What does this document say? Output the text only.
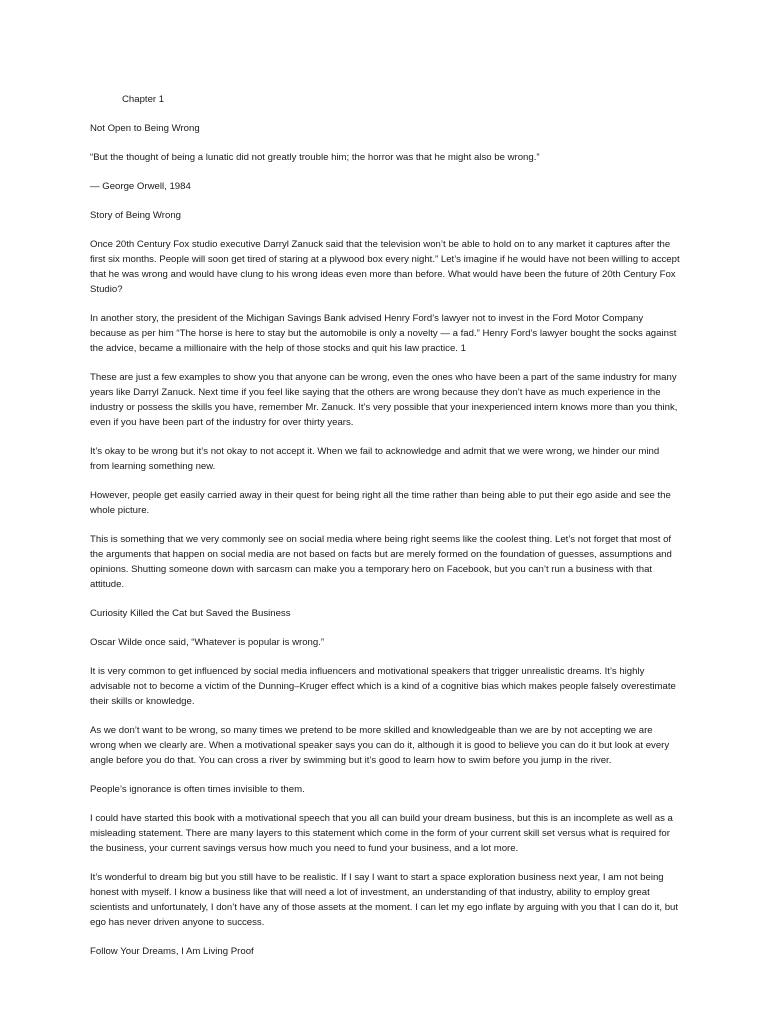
Chapter 1

Not Open to Being Wrong

“But the thought of being a lunatic did not greatly trouble him; the horror was that he might also be wrong.”

— George Orwell, 1984

Story of Being Wrong

Once 20th Century Fox studio executive Darryl Zanuck said that the television won’t be able to hold on to any market it captures after the first six months. People will soon get tired of staring at a plywood box every night.” Let’s imagine if he would have not been willing to accept that he was wrong and would have clung to his wrong ideas even more than before. What would have been the future of 20th Century Fox Studio?

In another story, the president of the Michigan Savings Bank advised Henry Ford’s lawyer not to invest in the Ford Motor Company because as per him “The horse is here to stay but the automobile is only a novelty — a fad.” Henry Ford’s lawyer bought the socks against the advice, became a millionaire with the help of those stocks and quit his law practice. 1

These are just a few examples to show you that anyone can be wrong, even the ones who have been a part of the same industry for many years like Darryl Zanuck. Next time if you feel like saying that the others are wrong because they don’t have as much experience in the industry or possess the skills you have, remember Mr. Zanuck. It’s very possible that your inexperienced intern knows more than you think, even if you have been part of the industry for over thirty years.

It’s okay to be wrong but it’s not okay to not accept it. When we fail to acknowledge and admit that we were wrong, we hinder our mind from learning something new.

However, people get easily carried away in their quest for being right all the time rather than being able to put their ego aside and see the whole picture.

This is something that we very commonly see on social media where being right seems like the coolest thing. Let’s not forget that most of the arguments that happen on social media are not based on facts but are merely formed on the foundation of guesses, assumptions and opinions. Shutting someone down with sarcasm can make you a temporary hero on Facebook, but you can’t run a business with that attitude.

Curiosity Killed the Cat but Saved the Business

Oscar Wilde once said, “Whatever is popular is wrong.”

It is very common to get influenced by social media influencers and motivational speakers that trigger unrealistic dreams. It’s highly advisable not to become a victim of the Dunning–Kruger effect which is a kind of a cognitive bias which makes people falsely overestimate their skills or knowledge.

As we don’t want to be wrong, so many times we pretend to be more skilled and knowledgeable than we are by not accepting we are wrong when we clearly are. When a motivational speaker says you can do it, although it is good to believe you can do it but look at every angle before you do that. You can cross a river by swimming but it’s good to learn how to swim before you jump in the river.

People’s ignorance is often times invisible to them.

I could have started this book with a motivational speech that you all can build your dream business, but this is an incomplete as well as a misleading statement. There are many layers to this statement which come in the form of your current skill set versus what is required for the business, your current savings versus how much you need to fund your business, and a lot more.

It’s wonderful to dream big but you still have to be realistic. If I say I want to start a space exploration business next year, I am not being honest with myself. I know a business like that will need a lot of investment, an understanding of that industry, ability to employ great scientists and unfortunately, I don’t have any of those assets at the moment. I can let my ego inflate by arguing with you that I can do it, but ego has never driven anyone to success.

Follow Your Dreams, I Am Living Proof
